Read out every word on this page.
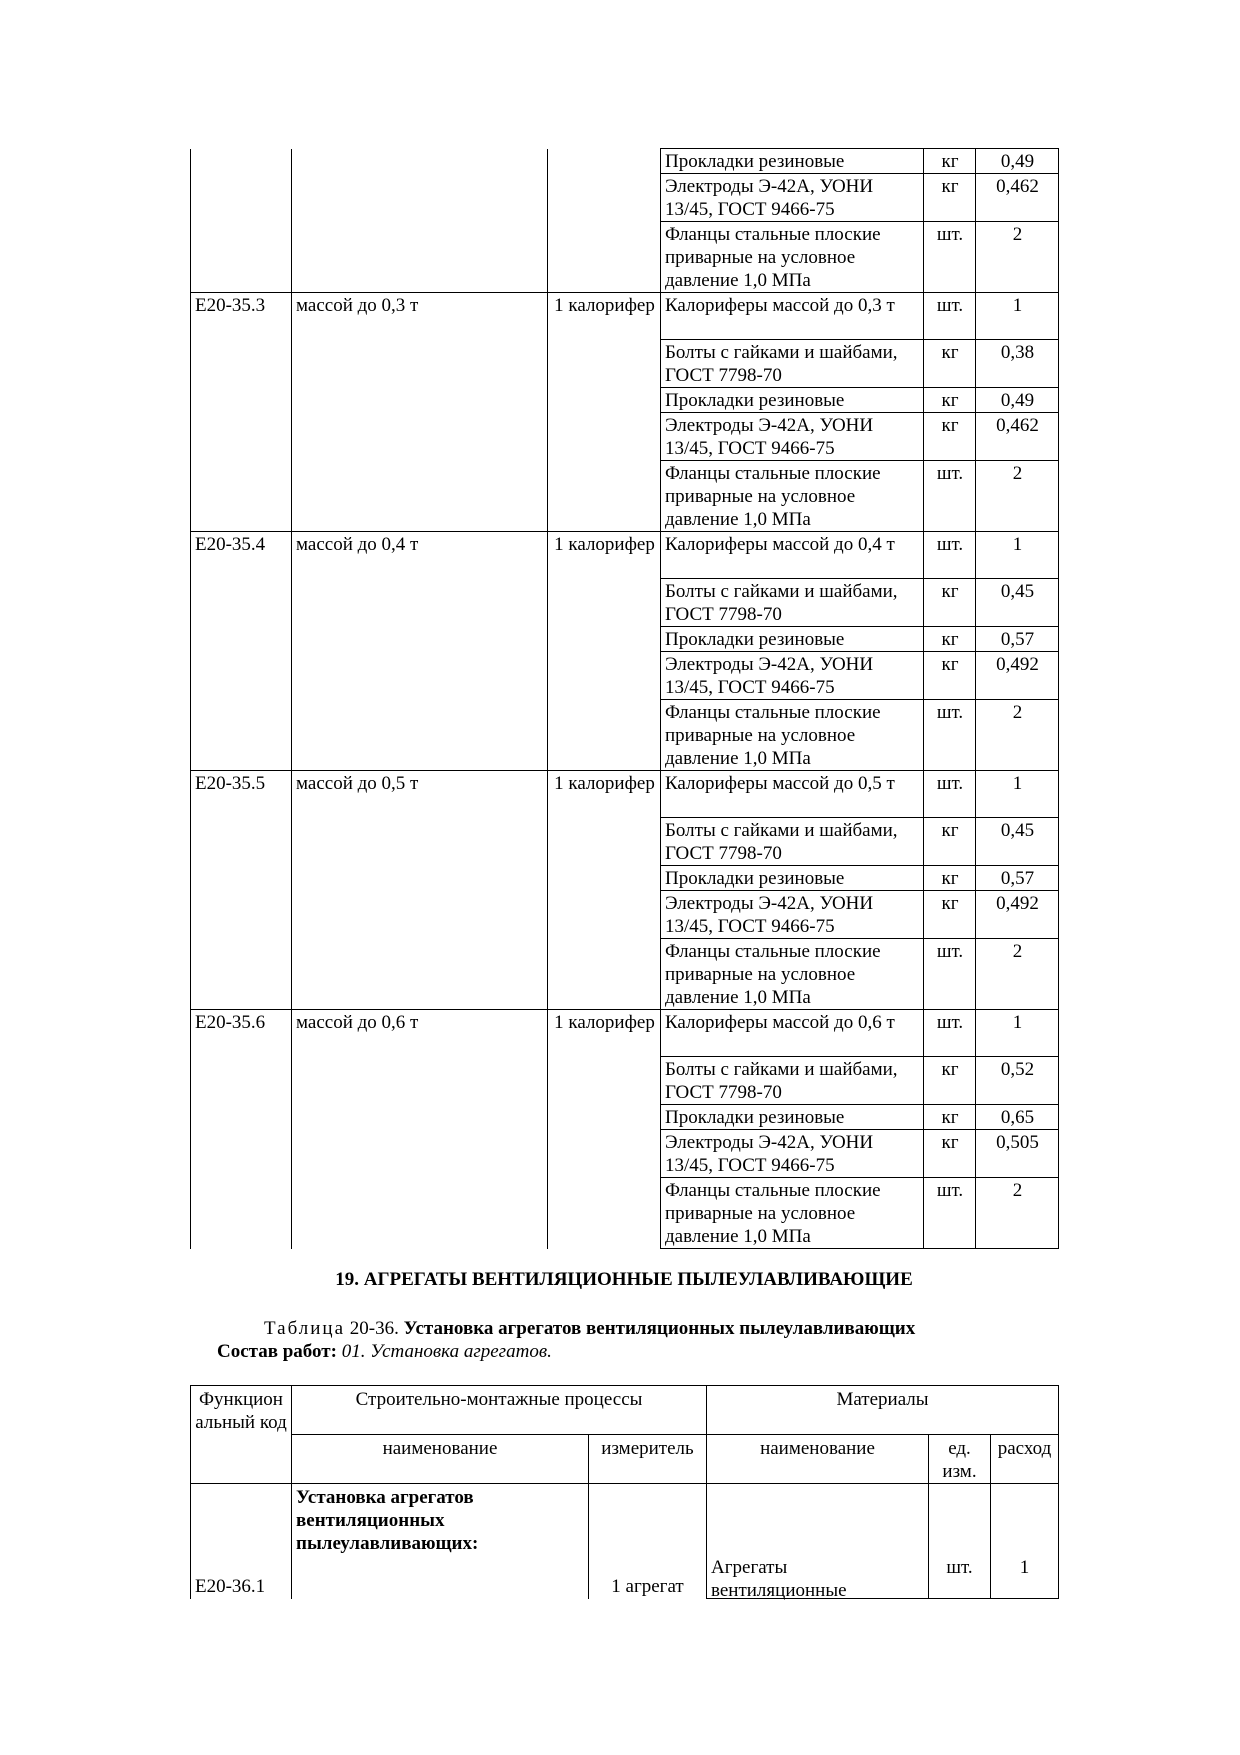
			Прокладки резиновые	кг	0,49
			Электроды Э-42А, УОНИ 13/45, ГОСТ 9466-75	кг	0,462
			Фланцы стальные плоские приварные на условное давление 1,0 МПа	шт.	2
Е20-35.3	массой до 0,3 т	1 калорифер	Калориферы массой до 0,3 т	шт.	1
			Болты с гайками и шайбами, ГОСТ 7798-70	кг	0,38
			Прокладки резиновые	кг	0,49
			Электроды Э-42А, УОНИ 13/45, ГОСТ 9466-75	кг	0,462
			Фланцы стальные плоские приварные на условное давление 1,0 МПа	шт.	2
Е20-35.4	массой до 0,4 т	1 калорифер	Калориферы массой до 0,4 т	шт.	1
			Болты с гайками и шайбами, ГОСТ 7798-70	кг	0,45
			Прокладки резиновые	кг	0,57
			Электроды Э-42А, УОНИ 13/45, ГОСТ 9466-75	кг	0,492
			Фланцы стальные плоские приварные на условное давление 1,0 МПа	шт.	2
Е20-35.5	массой до 0,5 т	1 калорифер	Калориферы массой до 0,5 т	шт.	1
			Болты с гайками и шайбами, ГОСТ 7798-70	кг	0,45
			Прокладки резиновые	кг	0,57
			Электроды Э-42А, УОНИ 13/45, ГОСТ 9466-75	кг	0,492
			Фланцы стальные плоские приварные на условное давление 1,0 МПа	шт.	2
Е20-35.6	массой до 0,6 т	1 калорифер	Калориферы массой до 0,6 т	шт.	1
			Болты с гайками и шайбами, ГОСТ 7798-70	кг	0,52
			Прокладки резиновые	кг	0,65
			Электроды Э-42А, УОНИ 13/45, ГОСТ 9466-75	кг	0,505
			Фланцы стальные плоские приварные на условное давление 1,0 МПа	шт.	2
19. АГРЕГАТЫ ВЕНТИЛЯЦИОННЫЕ ПЫЛЕУЛАВЛИВАЮЩИЕ
Таблица 20-36. Установка агрегатов вентиляционных пылеулавливающих
Состав работ: 01. Установка агрегатов.
Функциональный код	Строительно-монтажные процессы		Материалы		
	наименование	измеритель	наименование	ед. изм.	расход

Е20-36.1	Установка агрегатов вентиляционных пылеулавливающих:	1 агрегат	Агрегаты вентиляционные	шт.	1
